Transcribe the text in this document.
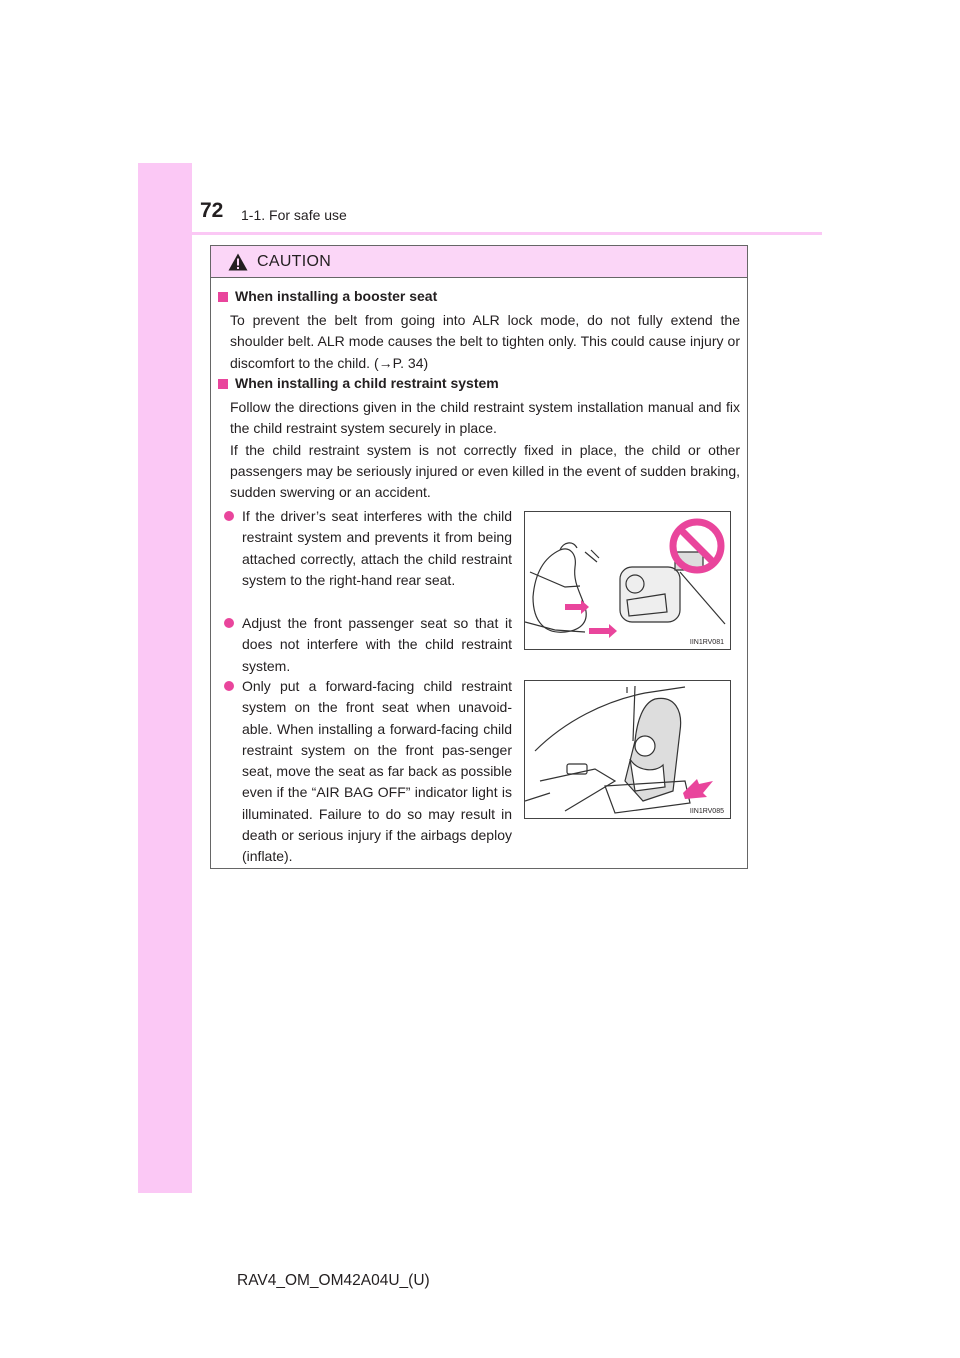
72 1-1. For safe use
CAUTION
When installing a booster seat
To prevent the belt from going into ALR lock mode, do not fully extend the shoulder belt. ALR mode causes the belt to tighten only. This could cause injury or discomfort to the child. (→P. 34)
When installing a child restraint system
Follow the directions given in the child restraint system installation manual and fix the child restraint system securely in place.
If the child restraint system is not correctly fixed in place, the child or other passengers may be seriously injured or even killed in the event of sudden braking, sudden swerving or an accident.
If the driver’s seat interferes with the child restraint system and prevents it from being attached correctly, attach the child restraint system to the right-hand rear seat.
Adjust the front passenger seat so that it does not interfere with the child restraint system.
Only put a forward-facing child restraint system on the front seat when unavoid-able. When installing a forward-facing child restraint system on the front pas-senger seat, move the seat as far back as possible even if the “AIR BAG OFF” indicator light is illuminated. Failure to do so may result in death or serious injury if the airbags deploy (inflate).
IIN1RV081
IIN1RV085
RAV4_OM_OM42A04U_(U)
